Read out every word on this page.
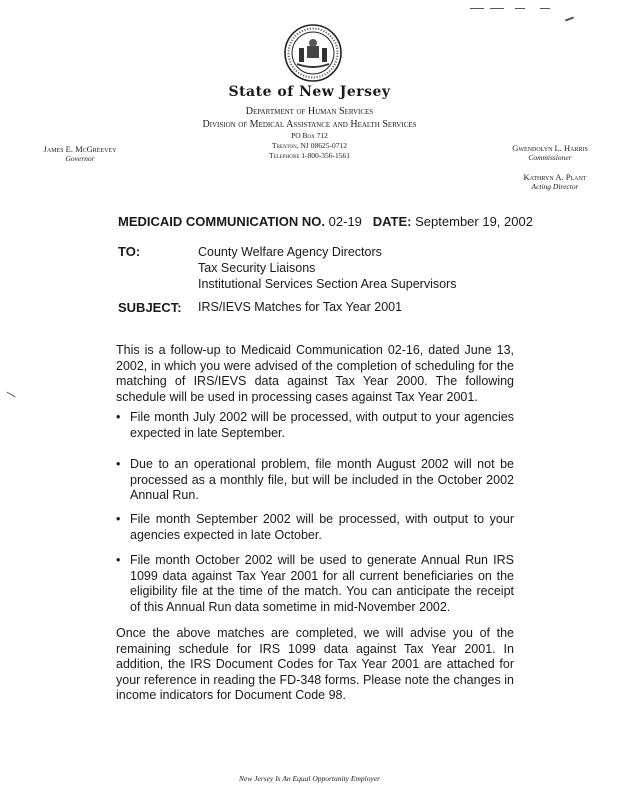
State of New Jersey
Department of Human Services
Division of Medical Assistance and Health Services
PO Box 712
Trenton, NJ 08625-0712
Telephone 1-800-356-1561
James E. McGreevey
Governor
Gwendolyn L. Harris
Commissioner
Kathryn A. Plant
Acting Director
MEDICAID COMMUNICATION NO. 02-19 DATE: September 19, 2002
TO:	County Welfare Agency Directors
Tax Security Liaisons
Institutional Services Section Area Supervisors
SUBJECT: IRS/IEVS Matches for Tax Year 2001
This is a follow-up to Medicaid Communication 02-16, dated June 13, 2002, in which you were advised of the completion of scheduling for the matching of IRS/IEVS data against Tax Year 2000. The following schedule will be used in processing cases against Tax Year 2001.
• File month July 2002 will be processed, with output to your agencies expected in late September.
• Due to an operational problem, file month August 2002 will not be processed as a monthly file, but will be included in the October 2002 Annual Run.
• File month September 2002 will be processed, with output to your agencies expected in late October.
• File month October 2002 will be used to generate Annual Run IRS 1099 data against Tax Year 2001 for all current beneficiaries on the eligibility file at the time of the match. You can anticipate the receipt of this Annual Run data sometime in mid-November 2002.
Once the above matches are completed, we will advise you of the remaining schedule for IRS 1099 data against Tax Year 2001. In addition, the IRS Document Codes for Tax Year 2001 are attached for your reference in reading the FD-348 forms. Please note the changes in income indicators for Document Code 98.
New Jersey Is An Equal Opportunity Employer
